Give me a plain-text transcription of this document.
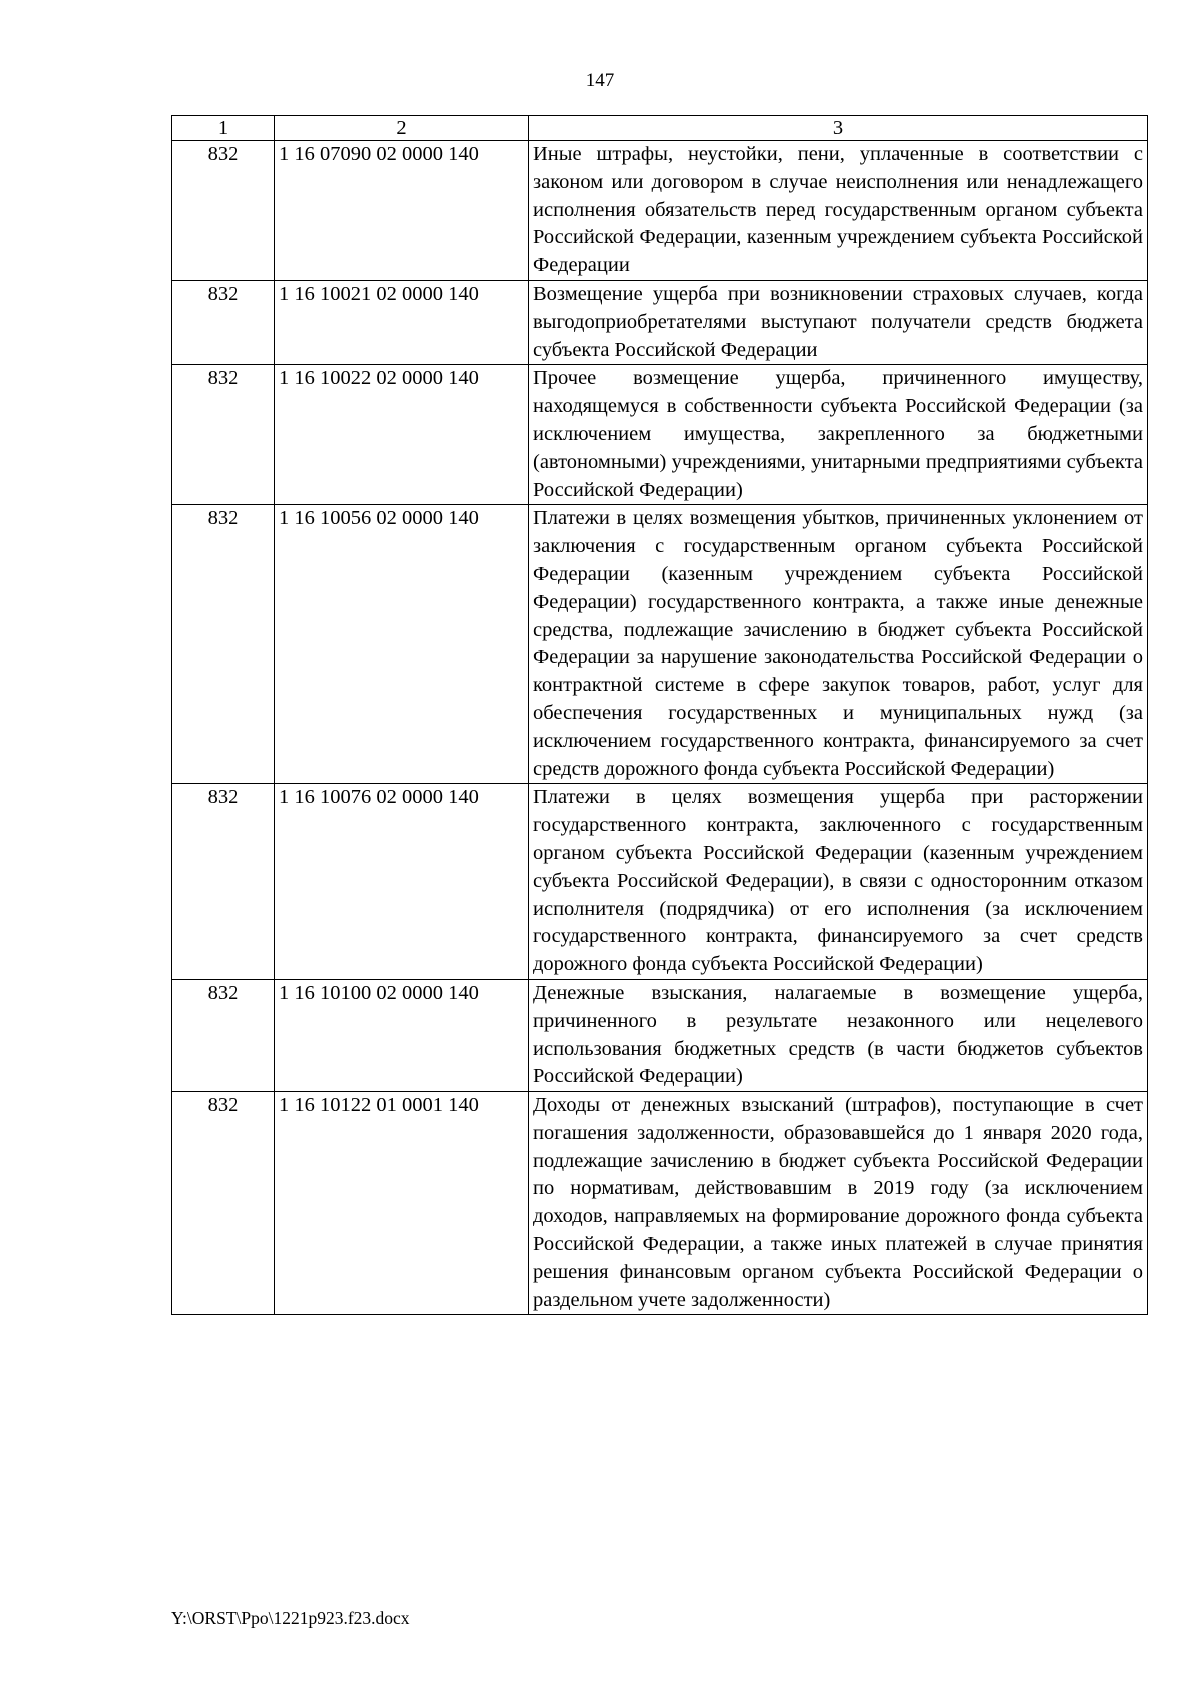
147
1	2	3
832	1 16 07090 02 0000 140	Иные штрафы, неустойки, пени, уплаченные в соответствии с законом или договором в случае неисполнения или ненадлежащего исполнения обязательств перед государственным органом субъекта Российской Федерации, казенным учреждением субъекта Российской Федерации
832	1 16 10021 02 0000 140	Возмещение ущерба при возникновении страховых случаев, когда выгодоприобретателями выступают получатели средств бюджета субъекта Российской Федерации
832	1 16 10022 02 0000 140	Прочее возмещение ущерба, причиненного имуществу, находящемуся в собственности субъекта Российской Федерации (за исключением имущества, закрепленного за бюджетными (автономными) учреждениями, унитарными предприятиями субъекта Российской Федерации)
832	1 16 10056 02 0000 140	Платежи в целях возмещения убытков, причиненных уклонением от заключения с государственным органом субъекта Российской Федерации (казенным учреждением субъекта Российской Федерации) государственного контракта, а также иные денежные средства, подлежащие зачислению в бюджет субъекта Российской Федерации за нарушение законодательства Российской Федерации о контрактной системе в сфере закупок товаров, работ, услуг для обеспечения государственных и муниципальных нужд (за исключением государственного контракта, финансируемого за счет средств дорожного фонда субъекта Российской Федерации)
832	1 16 10076 02 0000 140	Платежи в целях возмещения ущерба при расторжении государственного контракта, заключенного с государственным органом субъекта Российской Федерации (казенным учреждением субъекта Российской Федерации), в связи с односторонним отказом исполнителя (подрядчика) от его исполнения (за исключением государственного контракта, финансируемого за счет средств дорожного фонда субъекта Российской Федерации)
832	1 16 10100 02 0000 140	Денежные взыскания, налагаемые в возмещение ущерба, причиненного в результате незаконного или нецелевого использования бюджетных средств (в части бюджетов субъектов Российской Федерации)
832	1 16 10122 01 0001 140	Доходы от денежных взысканий (штрафов), поступающие в счет погашения задолженности, образовавшейся до 1 января 2020 года, подлежащие зачислению в бюджет субъекта Российской Федерации по нормативам, действовавшим в 2019 году (за исключением доходов, направляемых на формирование дорожного фонда субъекта Российской Федерации, а также иных платежей в случае принятия решения финансовым органом субъекта Российской Федерации о раздельном учете задолженности)
Y:\ORST\Ppo\1221p923.f23.docx
